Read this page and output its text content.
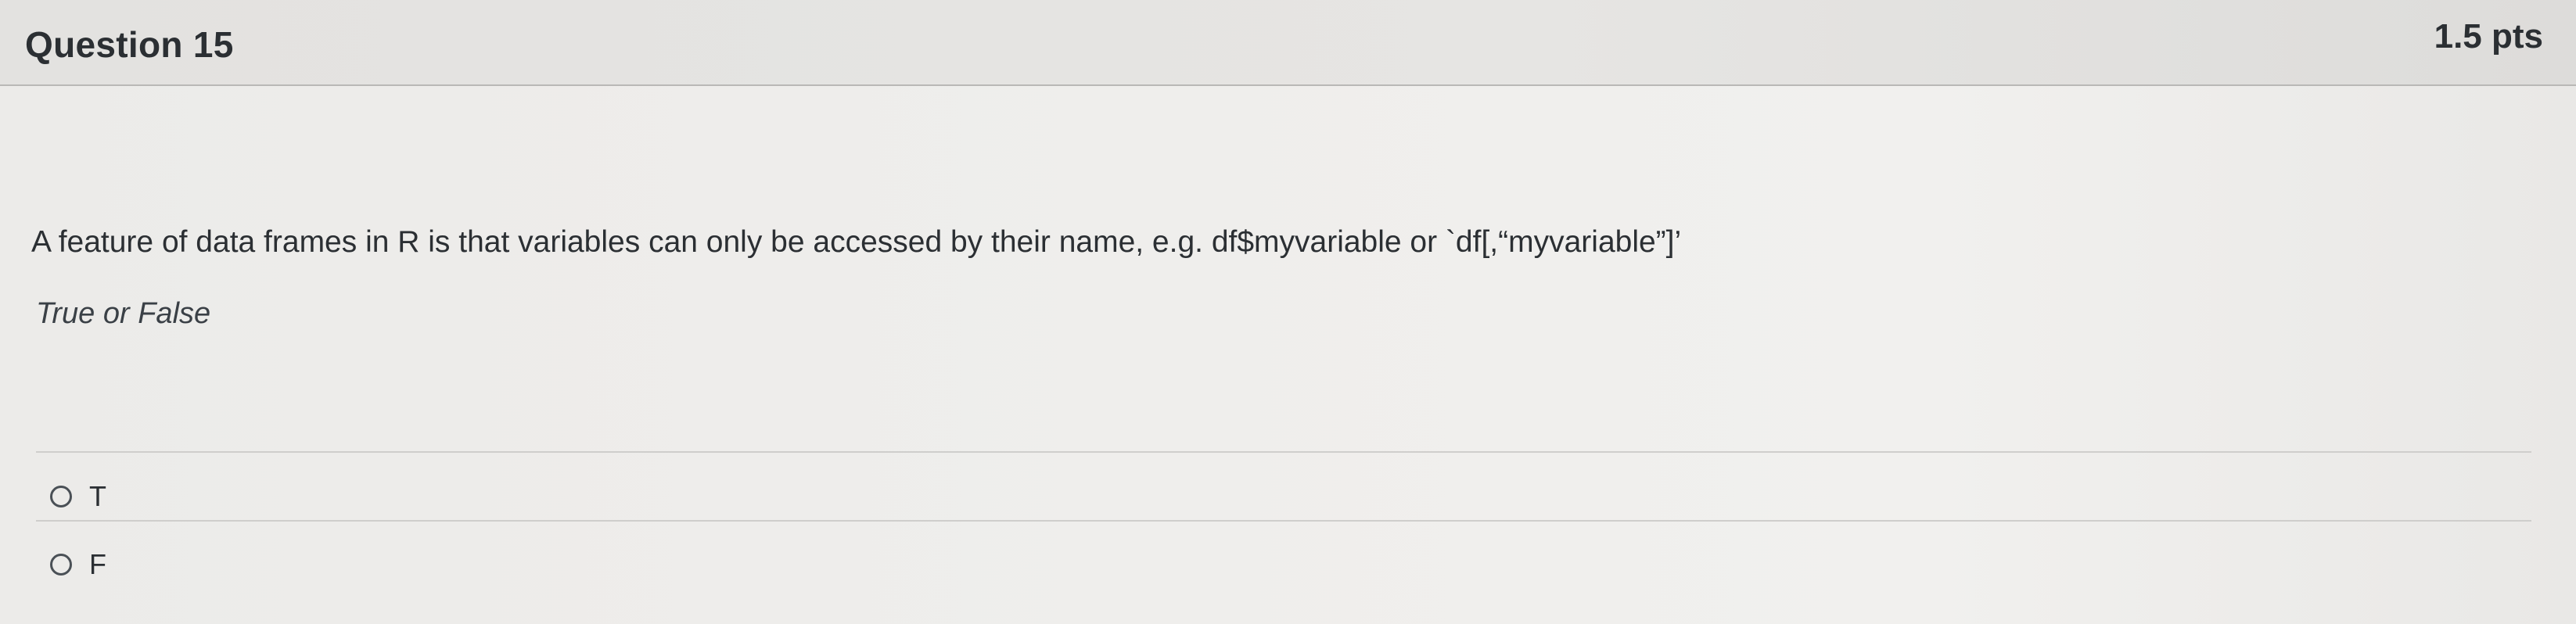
Question 15	1.5 pts
A feature of data frames in R is that variables can only be accessed by their name, e.g. df$myvariable or `df[,“myvariable”]’
True or False
T
F
